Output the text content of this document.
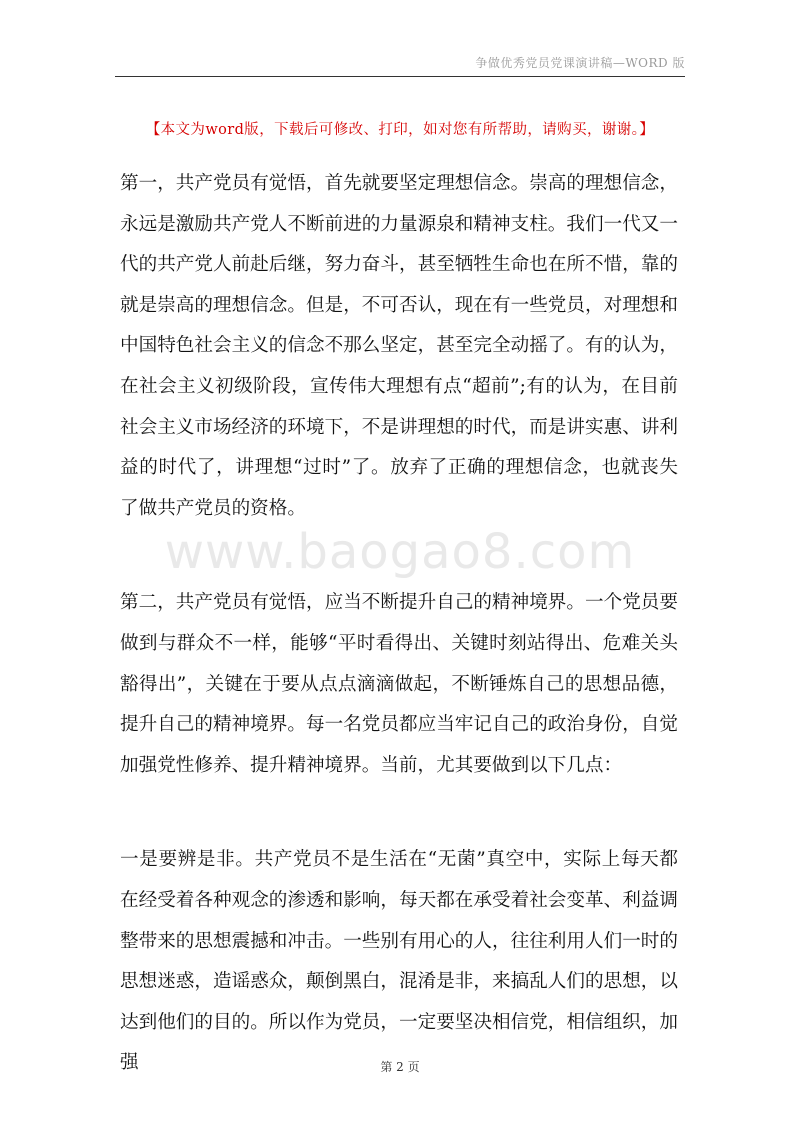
争做优秀党员党课演讲稿—WORD 版
【本文为word版，下载后可修改、打印，如对您有所帮助，请购买，谢谢。】
www.baogao8.com

第一，共产党员有觉悟，首先就要坚定理想信念。崇高的理想信念，永远是激励共产党人不断前进的力量源泉和精神支柱。我们一代又一代的共产党人前赴后继，努力奋斗，甚至牺牲生命也在所不惜，靠的就是崇高的理想信念。但是，不可否认，现在有一些党员，对理想和中国特色社会主义的信念不那么坚定，甚至完全动摇了。有的认为，在社会主义初级阶段，宣传伟大理想有点“超前”;有的认为，在目前社会主义市场经济的环境下，不是讲理想的时代，而是讲实惠、讲利益的时代了，讲理想“过时”了。放弃了正确的理想信念，也就丧失了做共产党员的资格。

第二，共产党员有觉悟，应当不断提升自己的精神境界。一个党员要做到与群众不一样，能够“平时看得出、关键时刻站得出、危难关头豁得出”，关键在于要从点点滴滴做起，不断锤炼自己的思想品德，提升自己的精神境界。每一名党员都应当牢记自己的政治身份，自觉加强党性修养、提升精神境界。当前，尤其要做到以下几点：

一是要辨是非。共产党员不是生活在“无菌”真空中，实际上每天都在经受着各种观念的渗透和影响，每天都在承受着社会变革、利益调整带来的思想震撼和冲击。一些别有用心的人，往往利用人们一时的思想迷惑，造谣惑众，颠倒黑白，混淆是非，来搞乱人们的思想，以达到他们的目的。所以作为党员，一定要坚决相信党，相信组织，加强	第 2 页
